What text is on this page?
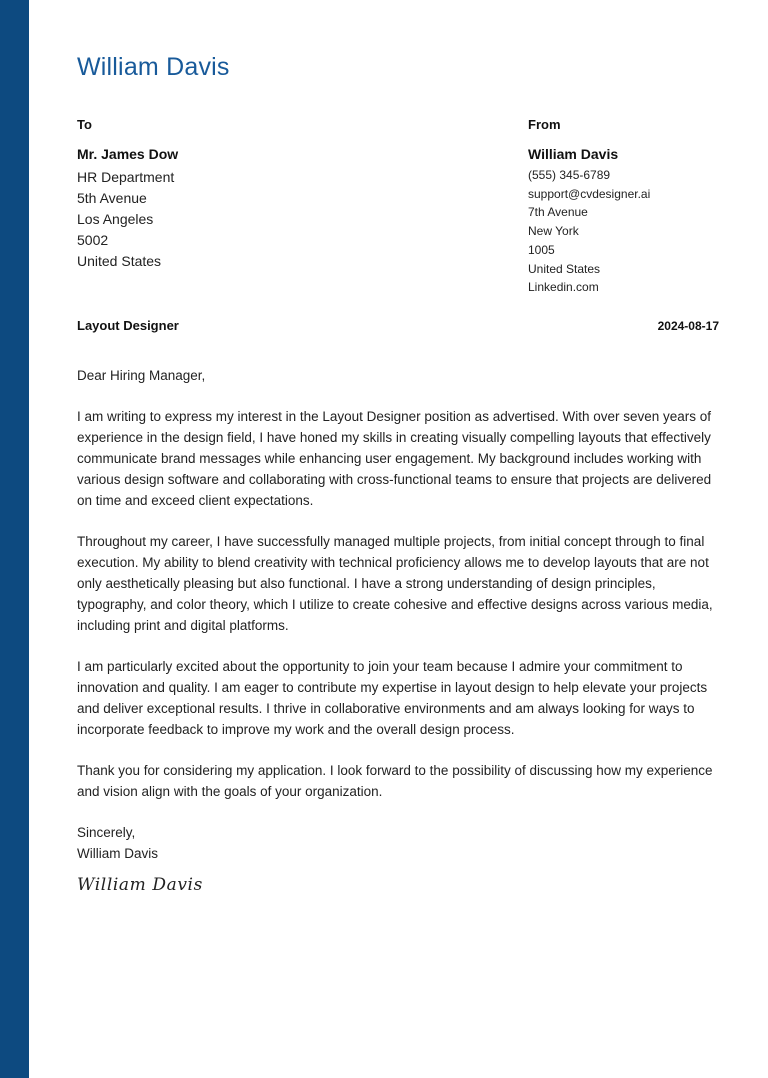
William Davis
To
Mr. James Dow
HR Department
5th Avenue
Los Angeles
5002
United States
From
William Davis
(555) 345-6789
support@cvdesigner.ai
7th Avenue
New York
1005
United States
Linkedin.com
Layout Designer	2024-08-17

Dear Hiring Manager,

I am writing to express my interest in the Layout Designer position as advertised. With over seven years of experience in the design field, I have honed my skills in creating visually compelling layouts that effectively communicate brand messages while enhancing user engagement. My background includes working with various design software and collaborating with cross-functional teams to ensure that projects are delivered on time and exceed client expectations.

Throughout my career, I have successfully managed multiple projects, from initial concept through to final execution. My ability to blend creativity with technical proficiency allows me to develop layouts that are not only aesthetically pleasing but also functional. I have a strong understanding of design principles, typography, and color theory, which I utilize to create cohesive and effective designs across various media, including print and digital platforms.

I am particularly excited about the opportunity to join your team because I admire your commitment to innovation and quality. I am eager to contribute my expertise in layout design to help elevate your projects and deliver exceptional results. I thrive in collaborative environments and am always looking for ways to incorporate feedback to improve my work and the overall design process.

Thank you for considering my application. I look forward to the possibility of discussing how my experience and vision align with the goals of your organization.

Sincerely,
William Davis
William Davis
